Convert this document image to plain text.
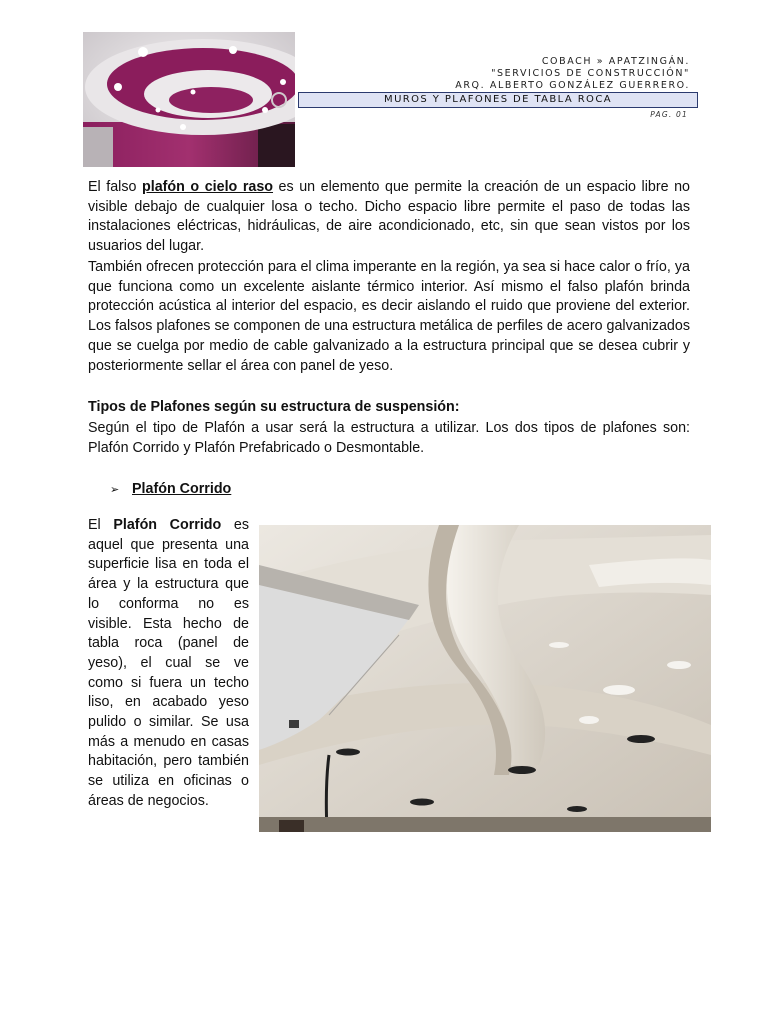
COBACH » APATZINGÁN.
"SERVICIOS DE CONSTRUCCIÓN"
ARQ. ALBERTO GONZÁLEZ GUERRERO.
MUROS Y PLAFONES DE TABLA ROCA
PAG. 01

El falso plafón o cielo raso es un elemento que permite la creación de un espacio libre no visible debajo de cualquier losa o techo. Dicho espacio libre permite el paso de todas las instalaciones eléctricas, hidráulicas, de aire acondicionado, etc, sin que sean vistos por los usuarios del lugar.

También ofrecen protección para el clima imperante en la región, ya sea si hace calor o frío, ya que funciona como un excelente aislante térmico interior. Así mismo el falso plafón brinda protección acústica al interior del espacio, es decir aislando el ruido que proviene del exterior. Los falsos plafones se componen de una estructura metálica de perfiles de acero galvanizados que se cuelga por medio de cable galvanizado a la estructura principal que se desea cubrir y posteriormente sellar el área con panel de yeso.

Tipos de Plafones según su estructura de suspensión:

Según el tipo de Plafón a usar será la estructura a utilizar. Los dos tipos de plafones son: Plafón Corrido y Plafón Prefabricado o Desmontable.

➢ Plafón Corrido

El Plafón Corrido es aquel que presenta una superficie lisa en toda el área y la estructura que lo conforma no es visible. Esta hecho de tabla roca (panel de yeso), el cual se ve como si fuera un techo liso, en acabado yeso pulido o similar. Se usa más a menudo en casas habitación, pero también se utiliza en oficinas o áreas de negocios.
